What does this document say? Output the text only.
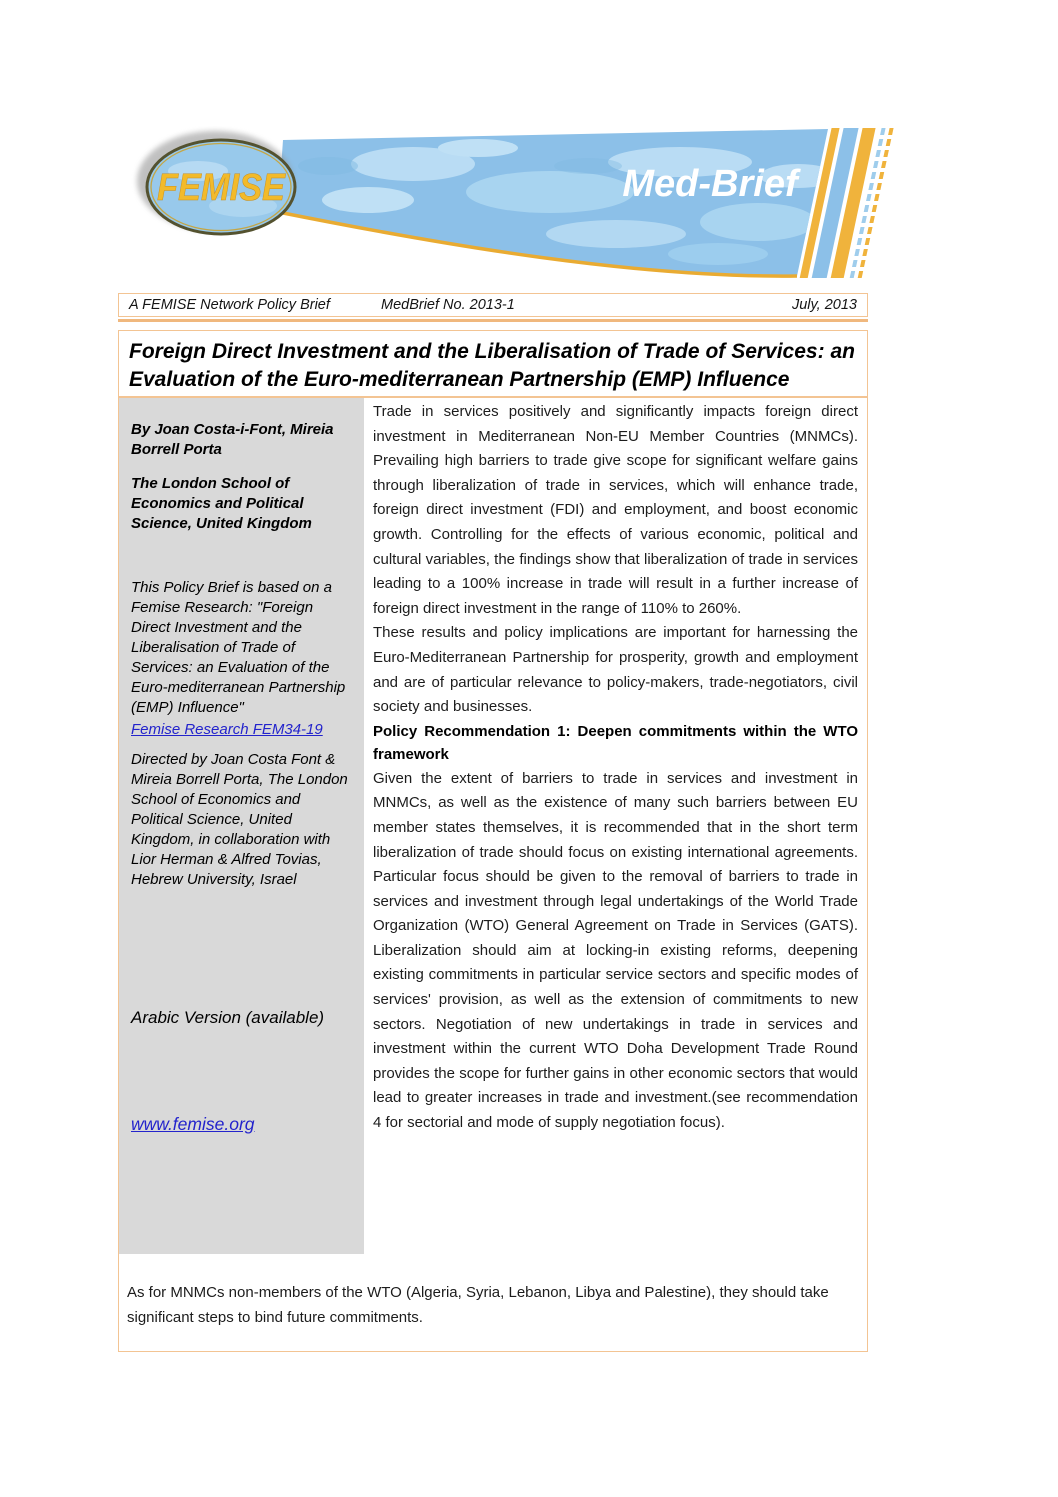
FEMISE	Med-Brief
A FEMISE Network Policy Brief	MedBrief No. 2013-1	July, 2013
Foreign Direct Investment and the Liberalisation of Trade of Services: an Evaluation of the Euro-mediterranean Partnership (EMP) Influence
By Joan Costa-i-Font, Mireia Borrell Porta
The London School of Economics and Political Science, United Kingdom
This Policy Brief is based on a Femise Research: "Foreign Direct Investment and the Liberalisation of Trade of Services: an Evaluation of the Euro-mediterranean Partnership (EMP) Influence"
Femise Research FEM34-19
Directed by Joan Costa Font & Mireia Borrell Porta, The London School of Economics and Political Science, United Kingdom, in collaboration with Lior Herman & Alfred Tovias, Hebrew University, Israel
Arabic Version (available)
www.femise.org

Trade in services positively and significantly impacts foreign direct investment in Mediterranean Non-EU Member Countries (MNMCs). Prevailing high barriers to trade give scope for significant welfare gains through liberalization of trade in services, which will enhance trade, foreign direct investment (FDI) and employment, and boost economic growth. Controlling for the effects of various economic, political and cultural variables, the findings show that liberalization of trade in services leading to a 100% increase in trade will result in a further increase of foreign direct investment in the range of 110% to 260%.

These results and policy implications are important for harnessing the Euro-Mediterranean Partnership for prosperity, growth and employment and are of particular relevance to policy-makers, trade-negotiators, civil society and businesses.

Policy Recommendation 1: Deepen commitments within the WTO framework

Given the extent of barriers to trade in services and investment in MNMCs, as well as the existence of many such barriers between EU member states themselves, it is recommended that in the short term liberalization of trade should focus on existing international agreements. Particular focus should be given to the removal of barriers to trade in services and investment through legal undertakings of the World Trade Organization (WTO) General Agreement on Trade in Services (GATS). Liberalization should aim at locking-in existing reforms, deepening existing commitments in particular service sectors and specific modes of services' provision, as well as the extension of commitments to new sectors. Negotiation of new undertakings in trade in services and investment within the current WTO Doha Development Trade Round provides the scope for further gains in other economic sectors that would lead to greater increases in trade and investment.(see recommendation 4 for sectorial and mode of supply negotiation focus).

As for MNMCs non-members of the WTO (Algeria, Syria, Lebanon, Libya and Palestine), they should take significant steps to bind future commitments.
